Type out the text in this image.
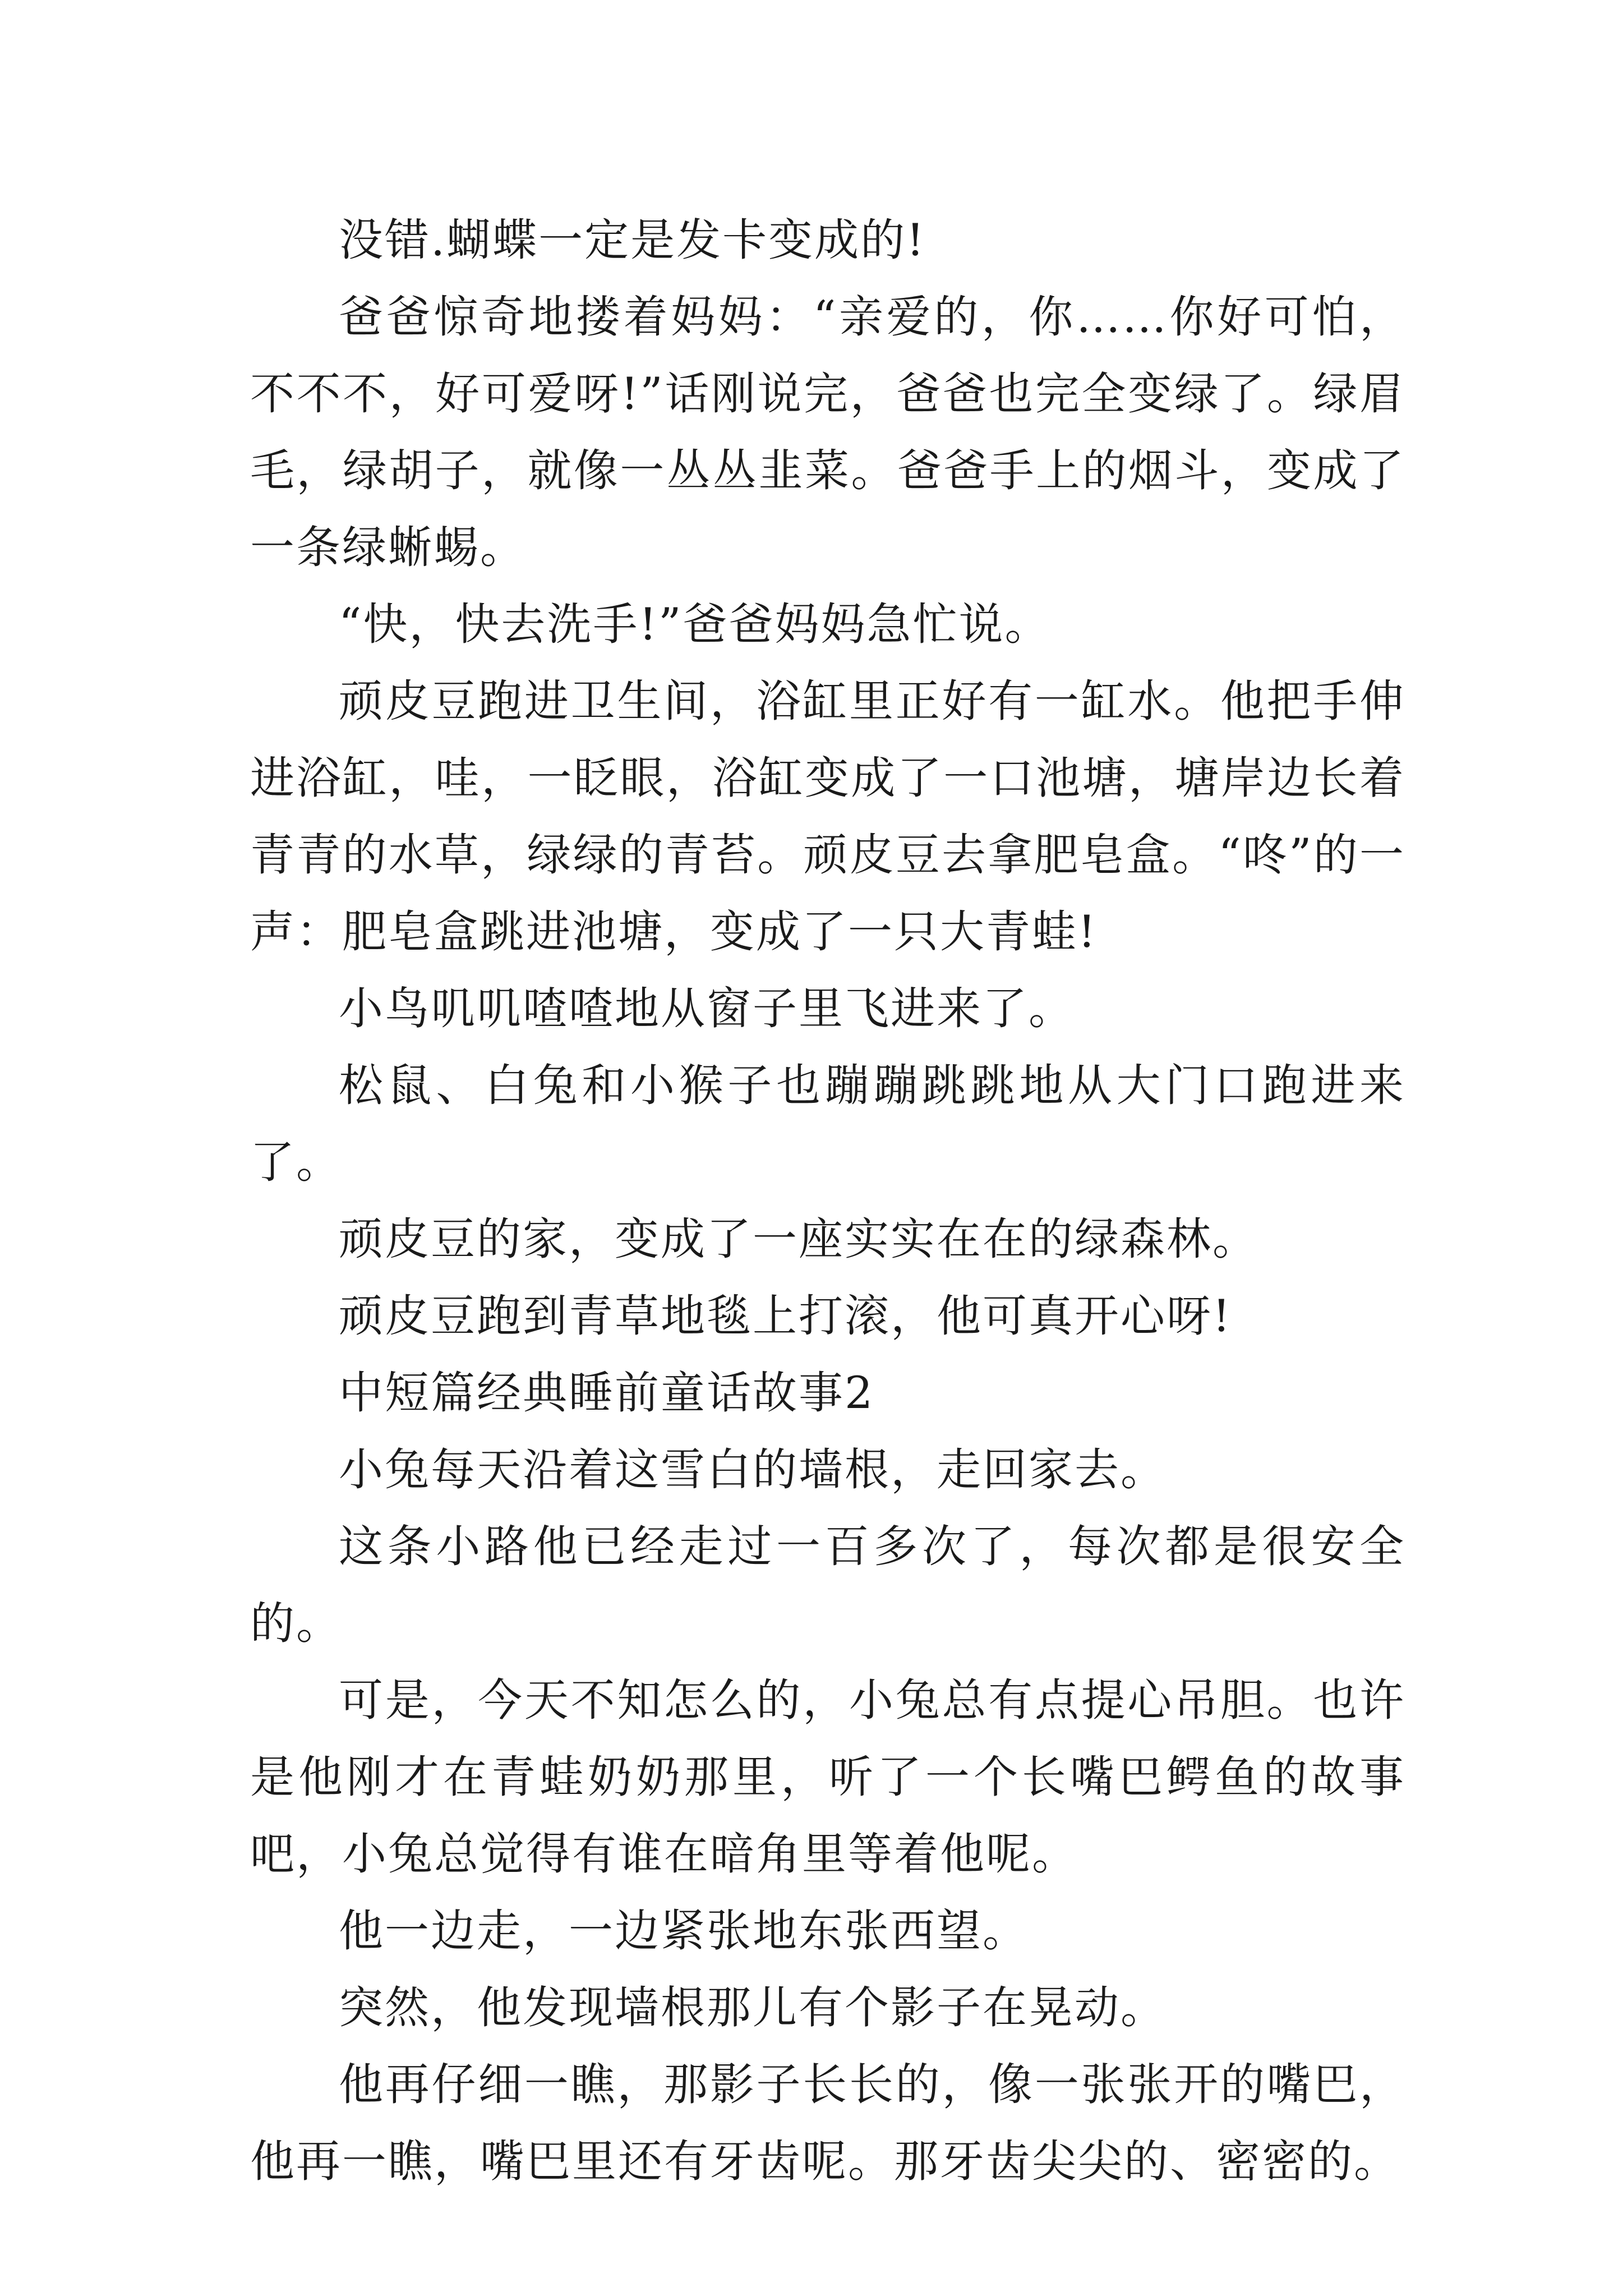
没错.蝴蝶一定是发卡变成的!

爸爸惊奇地搂着妈妈：“亲爱的，你……你好可怕，不不不，好可爱呀!”话刚说完，爸爸也完全变绿了。绿眉毛，绿胡子，就像一丛丛韭菜。爸爸手上的烟斗，变成了一条绿蜥蜴。

“快，快去洗手!”爸爸妈妈急忙说。

顽皮豆跑进卫生间，浴缸里正好有一缸水。他把手伸进浴缸，哇，一眨眼，浴缸变成了一口池塘，塘岸边长着青青的水草，绿绿的青苔。顽皮豆去拿肥皂盒。“咚”的一声：肥皂盒跳进池塘，变成了一只大青蛙!

小鸟叽叽喳喳地从窗子里飞进来了。

松鼠、白兔和小猴子也蹦蹦跳跳地从大门口跑进来了。

顽皮豆的家，变成了一座实实在在的绿森林。

顽皮豆跑到青草地毯上打滚，他可真开心呀!

中短篇经典睡前童话故事2

小兔每天沿着这雪白的墙根，走回家去。

这条小路他已经走过一百多次了，每次都是很安全的。

可是，今天不知怎么的，小兔总有点提心吊胆。也许是他刚才在青蛙奶奶那里，听了一个长嘴巴鳄鱼的故事吧，小兔总觉得有谁在暗角里等着他呢。

他一边走，一边紧张地东张西望。

突然，他发现墙根那儿有个影子在晃动。

他再仔细一瞧，那影子长长的，像一张张开的嘴巴，他再一瞧，嘴巴里还有牙齿呢。那牙齿尖尖的、密密的。
